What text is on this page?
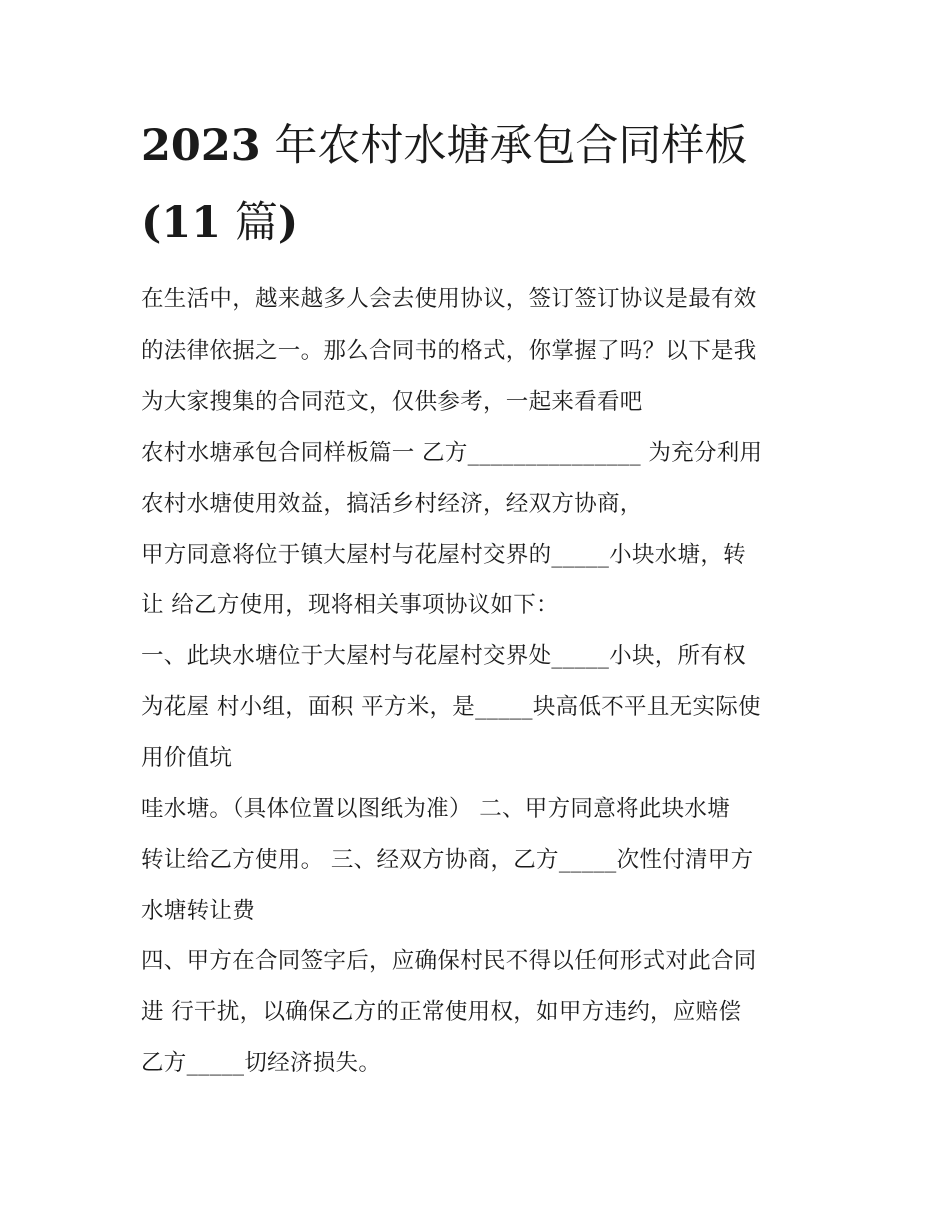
2023 年农村水塘承包合同样板
(11 篇)
在生活中，越来越多人会去使用协议，签订签订协议是最有效
的法律依据之一。那么合同书的格式，你掌握了吗？以下是我
为大家搜集的合同范文，仅供参考，一起来看看吧
农村水塘承包合同样板篇一 乙方_______________ 为充分利用
农村水塘使用效益，搞活乡村经济，经双方协商，
甲方同意将位于镇大屋村与花屋村交界的_____小块水塘，转
让 给乙方使用，现将相关事项协议如下：
一、此块水塘位于大屋村与花屋村交界处_____小块，所有权
为花屋 村小组，面积 平方米，是_____块高低不平且无实际使
用价值坑
哇水塘。（具体位置以图纸为准） 二、甲方同意将此块水塘
转让给乙方使用。 三、经双方协商，乙方_____次性付清甲方
水塘转让费
四、甲方在合同签字后，应确保村民不得以任何形式对此合同
进 行干扰，以确保乙方的正常使用权，如甲方违约，应赔偿
乙方_____切经济损失。
